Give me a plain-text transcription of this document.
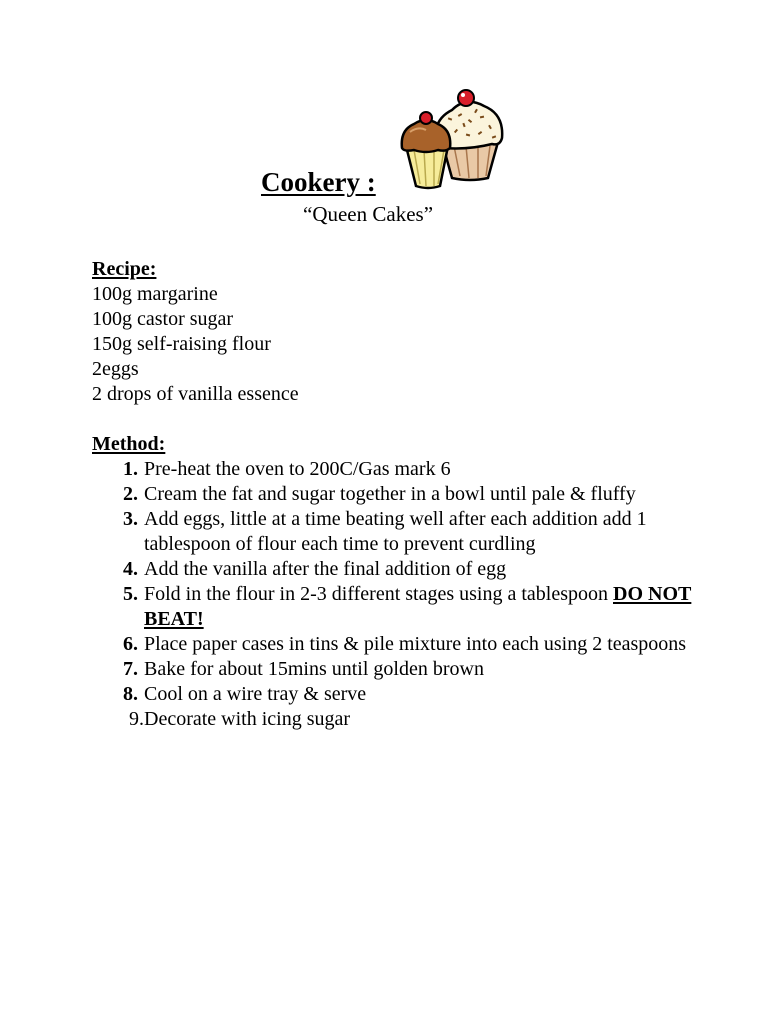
Cookery :
“Queen Cakes”
Recipe:
100g margarine
100g castor sugar
150g self-raising flour
2eggs
2 drops of vanilla essence
Method:
1. Pre-heat the oven to 200C/Gas mark 6
2. Cream the fat and sugar together in a bowl until pale & fluffy
3. Add eggs, little at a time beating well after each addition add 1 tablespoon of flour each time to prevent curdling
4. Add the vanilla after the final addition of egg
5. Fold in the flour in 2-3 different stages using a tablespoon DO NOT BEAT!
6. Place paper cases in tins & pile mixture into each using 2 teaspoons
7. Bake for about 15mins until golden brown
8. Cool on a wire tray & serve
9. Decorate with icing sugar
